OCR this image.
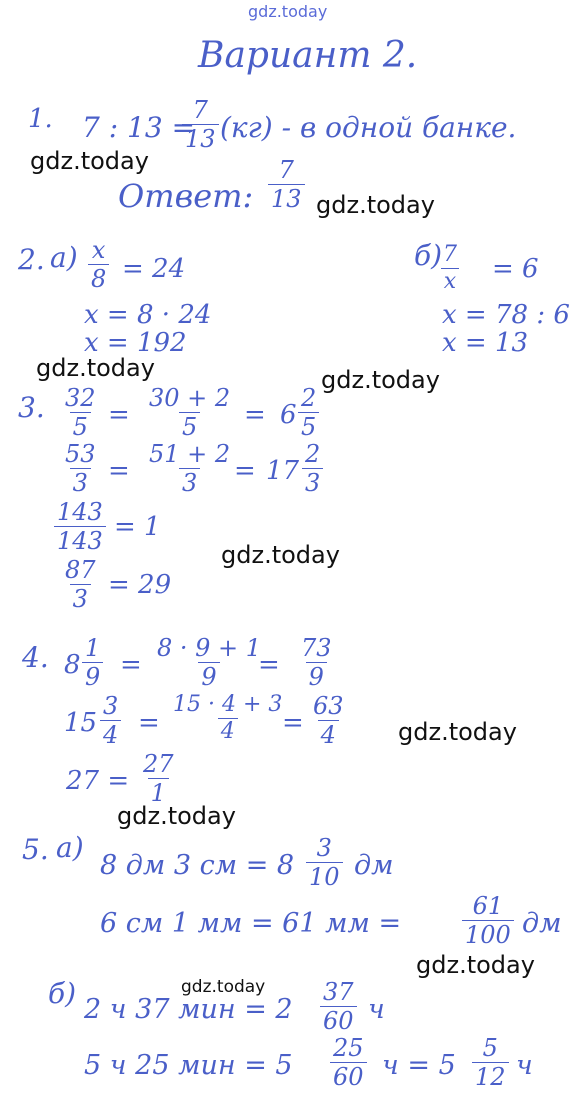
gdz.today
gdz.today
gdz.today
gdz.today	gdz.today
gdz.today
gdz.today
gdz.today
gdz.today
gdz.today
Вариант 2.
1. 7 : 13 =
$\frac{7}{13} (кг)$ - в одной банке.
Ответ: $\frac{7}{13}$
2. $а) \frac{x}{8} = 24$
x = 8 · 24
x = 192
б)
$\frac{7}{x} = 6$
x = 78 : 6
x = 13
3. $\frac{32}{5} = \frac{30 + 2}{5} = 6 \frac{2}{5}$
$\frac{53}{3} = \frac{51 + 2}{3} = 17 \frac{2}{3}$
$\frac{143}{143} = 1$
$\frac{87}{3} = 29$
4. $8 \frac{1}{9} = \frac{8 \cdot 9 + 1}{9}$
= $\frac{73}{9}$
$15 \frac{3}{4} = \frac{15 \cdot 4 + 3}{4}$
= $\frac{63}{4}$
$27 = \frac{27}{1}$
5. а)
8 дм 3 см = $8 \frac{3}{10}$ дм
6 см 1 мм = 61 мм =	$\frac{61}{100}$ дм
б) 2 ч 37 мин = $2 \frac{37}{60}$ ч
5 ч 25 мин = $5 \frac{25}{60}$ $ч = 5 \frac{5}{12}$ ч
